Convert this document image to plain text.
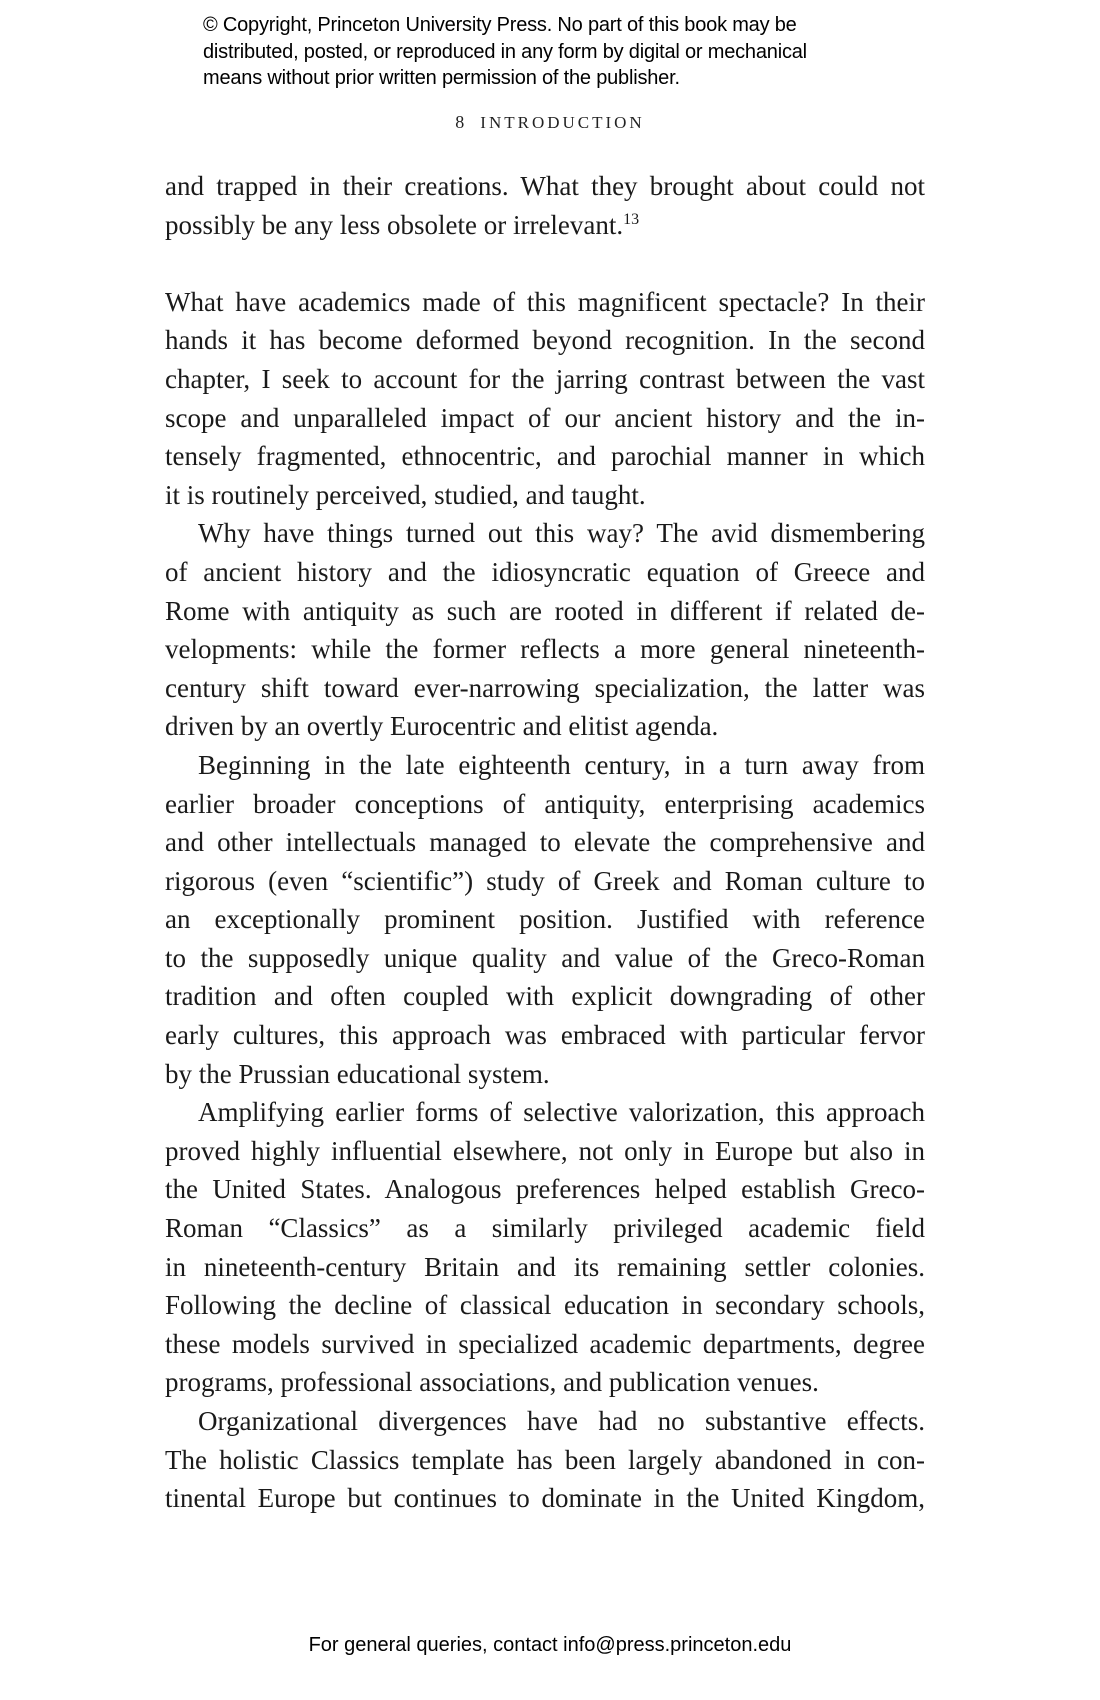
© Copyright, Princeton University Press. No part of this book may be
distributed, posted, or reproduced in any form by digital or mechanical
means without prior written permission of the publisher.
8 INTRODUCTION
and trapped in their creations. What they brought about could not
possibly be any less obsolete or irrelevant.$^{13}$
What have academics made of this magnificent spectacle? In their
hands it has become deformed beyond recognition. In the second
chapter, I seek to account for the jarring contrast between the vast
scope and unparalleled impact of our ancient history and the in-
tensely fragmented, ethnocentric, and parochial manner in which
it is routinely perceived, studied, and taught.
Why have things turned out this way? The avid dismembering
of ancient history and the idiosyncratic equation of Greece and
Rome with antiquity as such are rooted in different if related de-
velopments: while the former reflects a more general nineteenth-
century shift toward ever-narrowing specialization, the latter was
driven by an overtly Eurocentric and elitist agenda.
Beginning in the late eighteenth century, in a turn away from
earlier broader conceptions of antiquity, enterprising academics
and other intellectuals managed to elevate the comprehensive and
rigorous (even “scientific”) study of Greek and Roman culture to
an exceptionally prominent position. Justified with reference
to the supposedly unique quality and value of the Greco-Roman
tradition and often coupled with explicit downgrading of other
early cultures, this approach was embraced with particular fervor
by the Prussian educational system.
Amplifying earlier forms of selective valorization, this approach
proved highly influential elsewhere, not only in Europe but also in
the United States. Analogous preferences helped establish Greco-
Roman “Classics” as a similarly privileged academic field
in nineteenth-century Britain and its remaining settler colonies.
Following the decline of classical education in secondary schools,
these models survived in specialized academic departments, degree
programs, professional associations, and publication venues.
Organizational divergences have had no substantive effects.
The holistic Classics template has been largely abandoned in con-
tinental Europe but continues to dominate in the United Kingdom,
For general queries, contact info@press.princeton.edu
